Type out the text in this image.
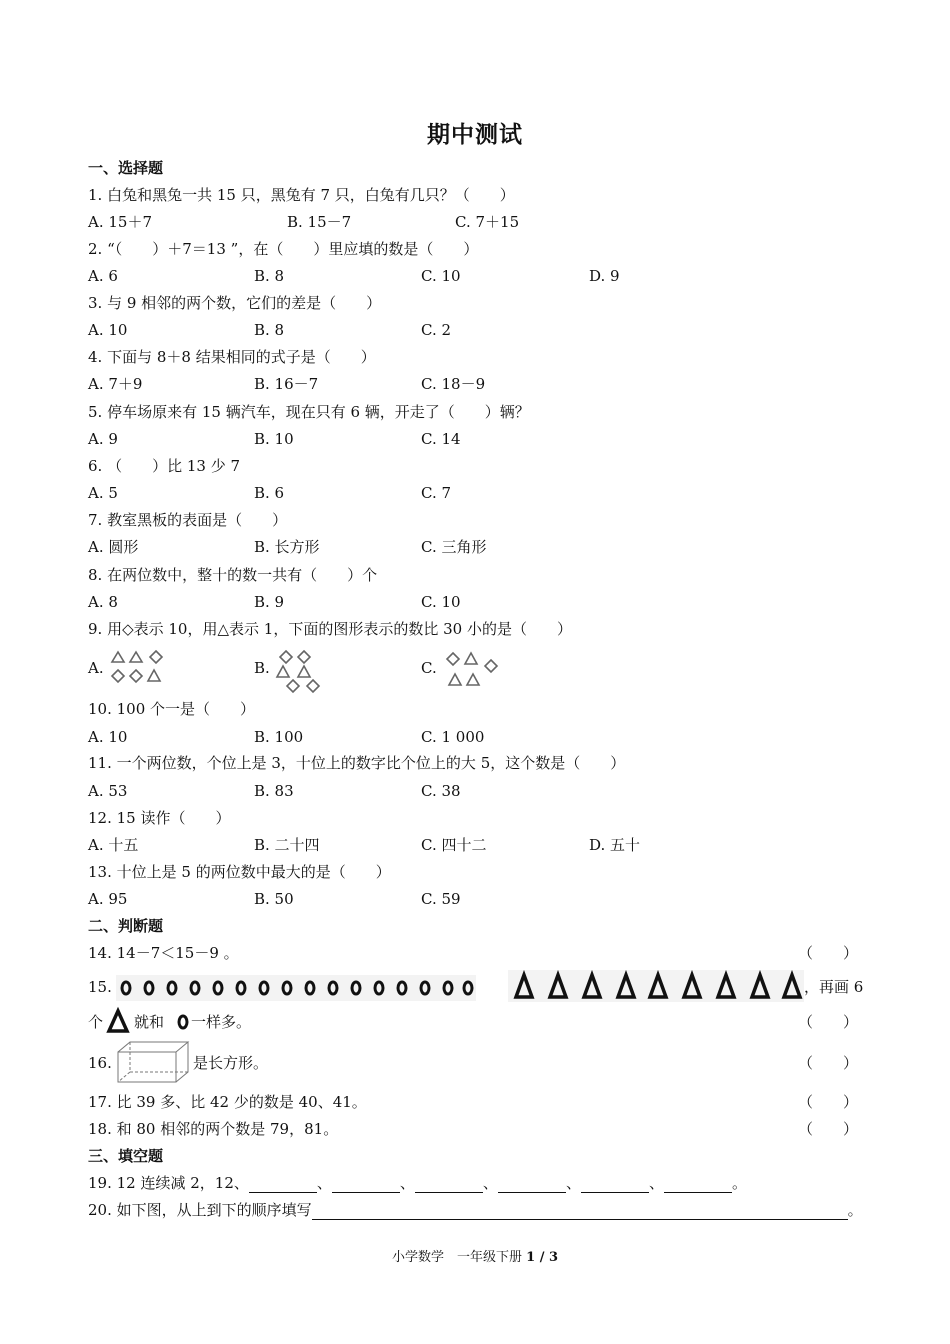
期中测试
一、选择题
1. 白兔和黑兔一共 15 只，黑兔有 7 只，白兔有几只？（　　）
A. 15＋7	B. 15－7	C. 7＋15
2. “（　　）＋7＝13 ”，在（　　）里应填的数是（　　）
A. 6	B. 8	C. 10	D. 9
3. 与 9 相邻的两个数，它们的差是（　　）
A. 10	B. 8	C. 2
4. 下面与 8＋8 结果相同的式子是（　　）
A. 7＋9	B. 16－7	C. 18－9
5. 停车场原来有 15 辆汽车，现在只有 6 辆，开走了（　　）辆？
A. 9	B. 10	C. 14
6. （　　）比 13 少 7
A. 5	B. 6	C. 7
7. 教室黑板的表面是（　　）
A. 圆形	B. 长方形	C. 三角形
8. 在两位数中，整十的数一共有（　　）个
A. 8	B. 9	C. 10
9. 用◇表示 10，用△表示 1，下面的图形表示的数比 30 小的是（　　）
A.	B.	C.
10. 100 个一是（　　）
A. 10	B. 100	C. 1 000
11. 一个两位数，个位上是 3，十位上的数字比个位上的大 5，这个数是（　　）
A. 53	B. 83	C. 38
12. 15 读作（　　）
A. 十五	B. 二十四	C. 四十二	D. 五十
13. 十位上是 5 的两位数中最大的是（　　）
A. 95	B. 50	C. 59
二、判断题
14. 14－7＜15－9 。	（　　）
15.	，再画 6
个 就和 一样多。	（　　）
16.	是长方形。	（　　）
17. 比 39 多、比 42 少的数是 40、41。	（　　）
18. 和 80 相邻的两个数是 79，81。	（　　）
三、填空题
19. 12 连续减 2，12、	、	、	、	、	、	。
20. 如下图，从上到下的顺序填写	。
小学数学　一年级下册 1 / 3
